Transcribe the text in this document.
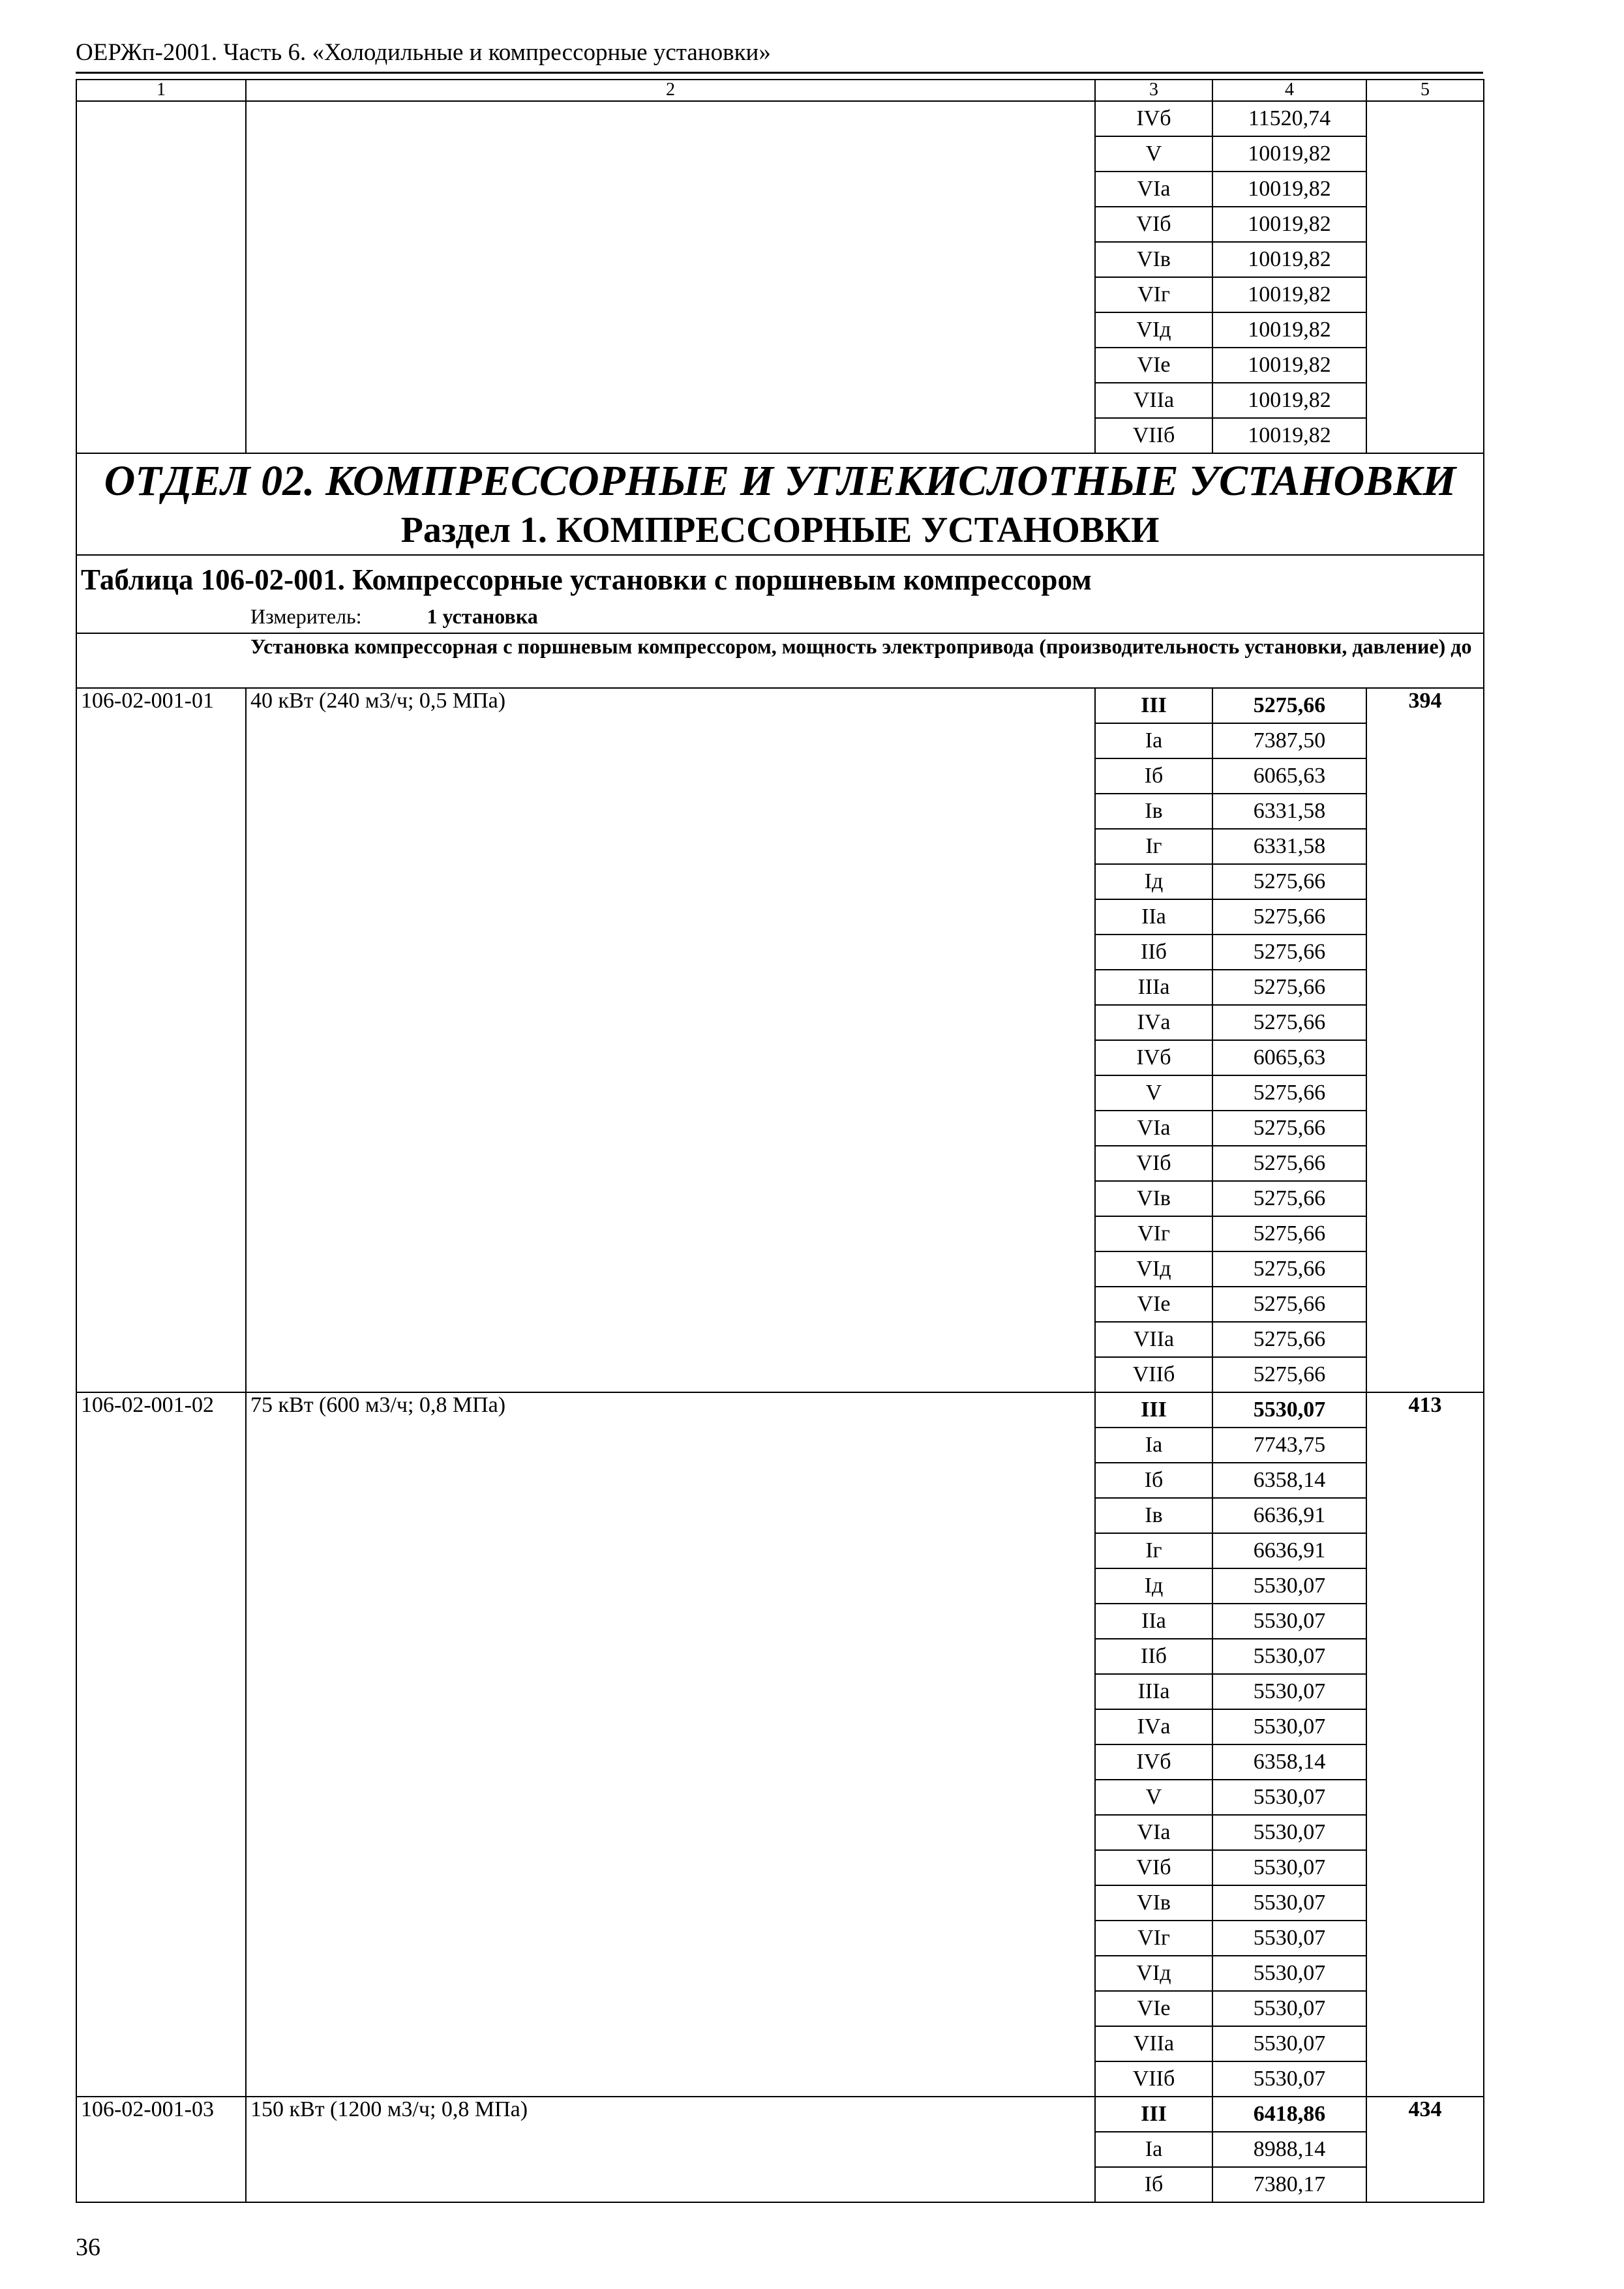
ОЕРЖп-2001. Часть 6. «Холодильные и компрессорные установки»
1	2	3	4	5
		IVб	11520,74	
		V	10019,82	
		VIа	10019,82	
		VIб	10019,82	
		VIв	10019,82	
		VIг	10019,82	
		VIд	10019,82	
		VIе	10019,82	
		VIIа	10019,82	
		VIIб	10019,82	
ОТДЕЛ 02. КОМПРЕССОРНЫЕ И УГЛЕКИСЛОТНЫЕ УСТАНОВКИ				
Раздел 1. КОМПРЕССОРНЫЕ УСТАНОВКИ				
Таблица 106-02-001. Компрессорные установки с поршневым компрессором				
Измеритель: 1 установка				

Установка компрессорная с поршневым компрессором, мощность электропривода (производительность установки, давление) до				

106-02-001-01	40 кВт (240 м3/ч; 0,5 МПа)	III	5275,66	394
		Iа	7387,50	
		Iб	6065,63	
		Iв	6331,58	
		Iг	6331,58	
		Iд	5275,66	
		IIа	5275,66	
		IIб	5275,66	
		IIIа	5275,66	
		IVа	5275,66	
		IVб	6065,63	
		V	5275,66	
		VIа	5275,66	
		VIб	5275,66	
		VIв	5275,66	
		VIг	5275,66	
		VIд	5275,66	
		VIе	5275,66	
		VIIа	5275,66	
		VIIб	5275,66	
106-02-001-02	75 кВт (600 м3/ч; 0,8 МПа)	III	5530,07	413
		Iа	7743,75	
		Iб	6358,14	
		Iв	6636,91	
		Iг	6636,91	
		Iд	5530,07	
		IIа	5530,07	
		IIб	5530,07	
		IIIа	5530,07	
		IVа	5530,07	
		IVб	6358,14	
		V	5530,07	
		VIа	5530,07	
		VIб	5530,07	
		VIв	5530,07	
		VIг	5530,07	
		VIд	5530,07	
		VIе	5530,07	
		VIIа	5530,07	
		VIIб	5530,07	
106-02-001-03	150 кВт (1200 м3/ч; 0,8 МПа)	III	6418,86	434
		Iа	8988,14	
		Iб	7380,17	
36
